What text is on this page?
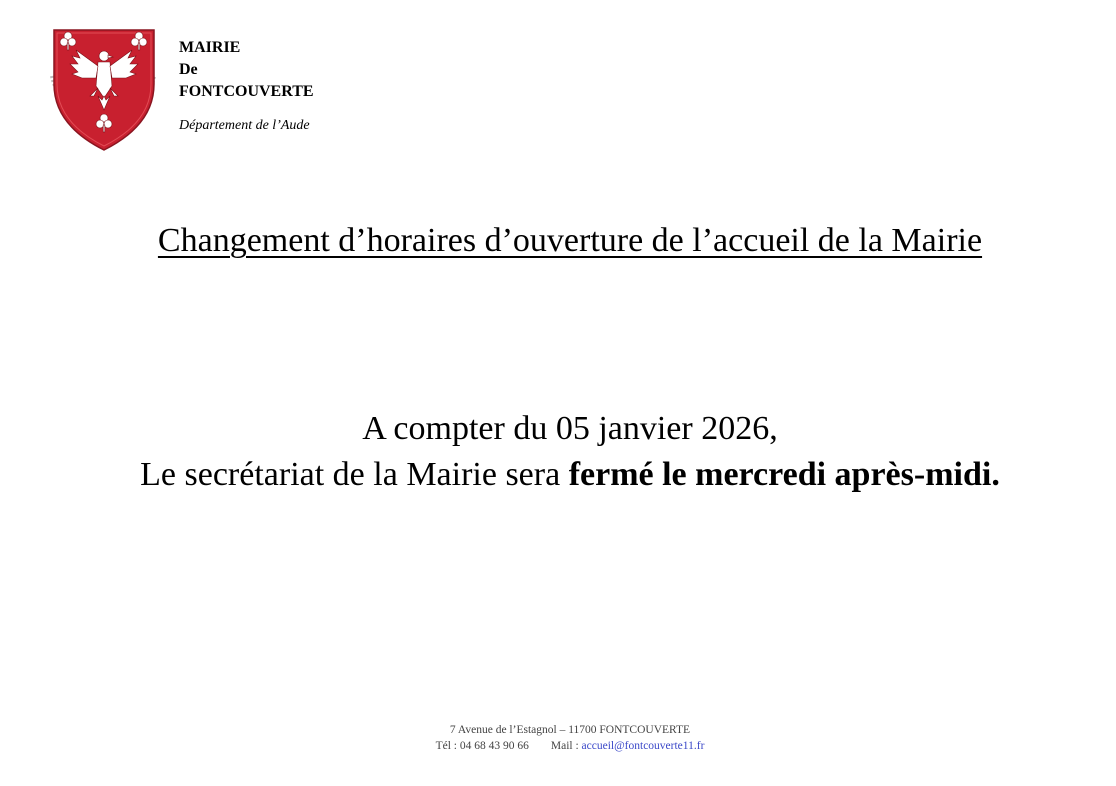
MAIRIE
De
FONTCOUVERTE
Département de l’Aude
Changement d’horaires d’ouverture de l’accueil de la Mairie
A compter du 05 janvier 2026,
Le secrétariat de la Mairie sera fermé le mercredi après-midi.
7 Avenue de l’Estagnol – 11700 FONTCOUVERTE
Tél : 04 68 43 90 66 Mail : accueil@fontcouverte11.fr
